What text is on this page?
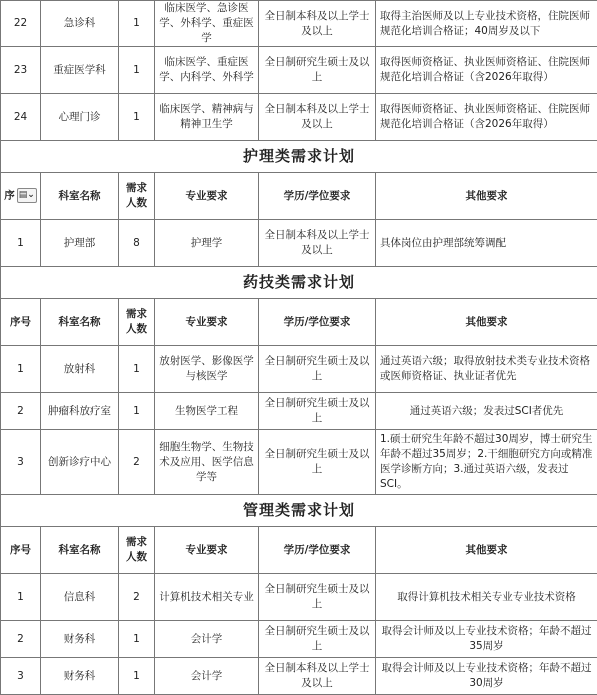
22	急诊科	1	临床医学、急诊医学、外科学、重症医学	全日制本科及以上学士及以上	取得主治医师及以上专业技术资格，住院医师规范化培训合格证；40周岁及以下
23	重症医学科	1	临床医学、重症医学、内科学、外科学	全日制研究生硕士及以上	取得医师资格证、执业医师资格证、住院医师规范化培训合格证（含2026年取得）
24	心理门诊	1	临床医学、精神病与精神卫生学	全日制本科及以上学士及以上	取得医师资格证、执业医师资格证、住院医师规范化培训合格证（含2026年取得）
护理类需求计划					
序 ▤⌄	科室名称	需求人数	专业要求	学历/学位要求	其他要求
1	护理部	8	护理学	全日制本科及以上学士及以上	具体岗位由护理部统筹调配
药技类需求计划					
序号	科室名称	需求人数	专业要求	学历/学位要求	其他要求
1	放射科	1	放射医学、影像医学与核医学	全日制研究生硕士及以上	通过英语六级；取得放射技术类专业技术资格或医师资格证、执业证者优先
2	肿瘤科放疗室	1	生物医学工程	全日制研究生硕士及以上	通过英语六级；发表过SCI者优先
3	创新诊疗中心	2	细胞生物学、生物技术及应用、医学信息学等	全日制研究生硕士及以上	1.硕士研究生年龄不超过30周岁，博士研究生年龄不超过35周岁；2.干细胞研究方向或精准医学诊断方向；3.通过英语六级，发表过SCI。
管理类需求计划					
序号	科室名称	需求人数	专业要求	学历/学位要求	其他要求
1	信息科	2	计算机技术相关专业	全日制研究生硕士及以上	取得计算机技术相关专业专业技术资格
2	财务科	1	会计学	全日制研究生硕士及以上	取得会计师及以上专业技术资格；年龄不超过35周岁
3	财务科	1	会计学	全日制本科及以上学士及以上	取得会计师及以上专业技术资格；年龄不超过30周岁
